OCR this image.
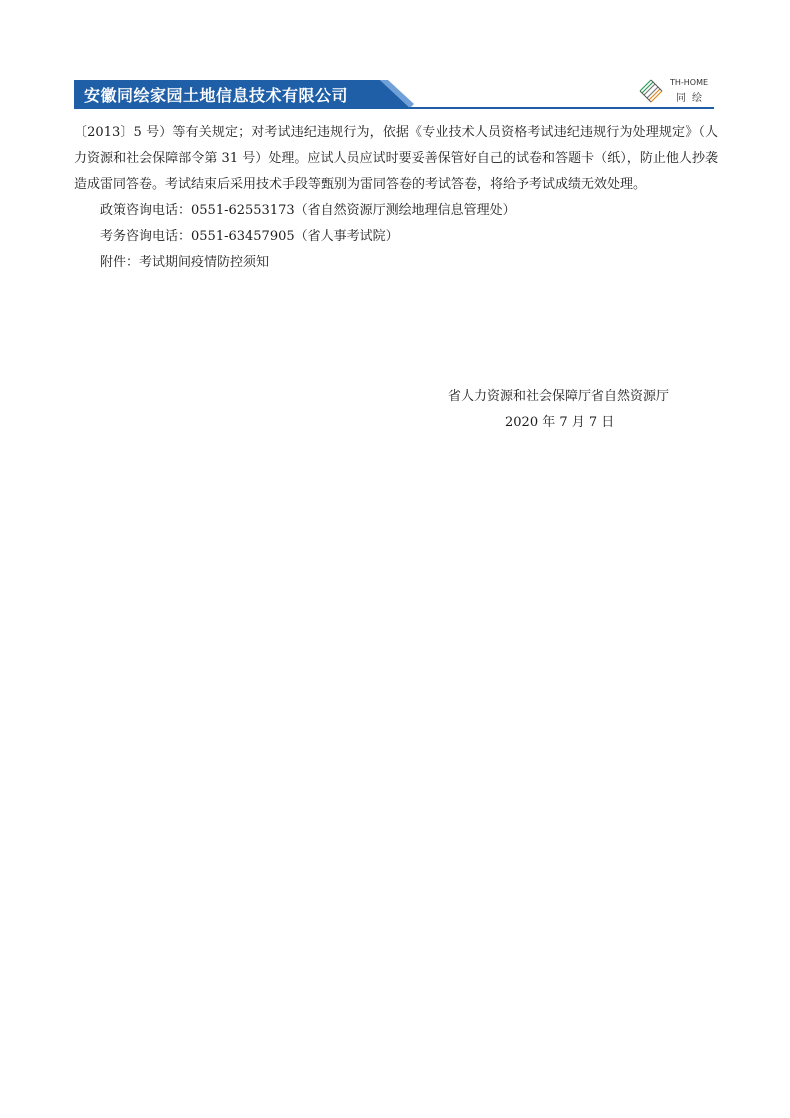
安徽同绘家园土地信息技术有限公司
TH-HOME
同绘

〔2013〕5 号）等有关规定；对考试违纪违规行为，依据《专业技术人员资格考试违纪违规行为处理规定》（人力资源和社会保障部令第 31 号）处理。应试人员应试时要妥善保管好自己的试卷和答题卡（纸），防止他人抄袭造成雷同答卷。考试结束后采用技术手段等甄别为雷同答卷的考试答卷，将给予考试成绩无效处理。

政策咨询电话：0551-62553173（省自然资源厅测绘地理信息管理处）

考务咨询电话：0551-63457905（省人事考试院）

附件：考试期间疫情防控须知

省人力资源和社会保障厅省自然资源厅
2020 年 7 月 7 日
